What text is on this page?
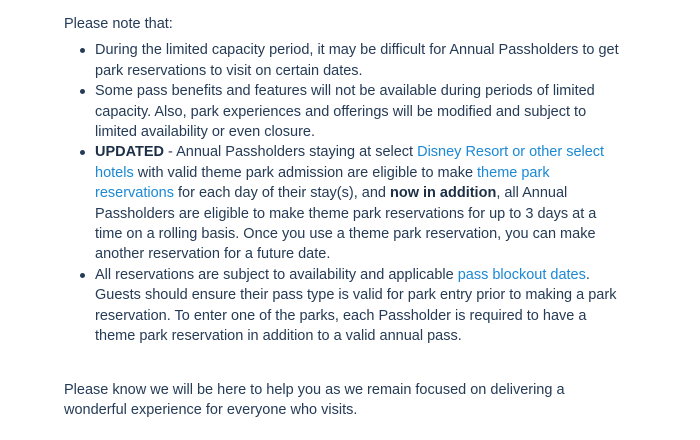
Please note that:

During the limited capacity period, it may be difficult for Annual Passholders to get park reservations to visit on certain dates.
Some pass benefits and features will not be available during periods of limited capacity. Also, park experiences and offerings will be modified and subject to limited availability or even closure.
UPDATED - Annual Passholders staying at select Disney Resort or other select hotels with valid theme park admission are eligible to make theme park reservations for each day of their stay(s), and now in addition, all Annual Passholders are eligible to make theme park reservations for up to 3 days at a time on a rolling basis. Once you use a theme park reservation, you can make another reservation for a future date.
All reservations are subject to availability and applicable pass blockout dates. Guests should ensure their pass type is valid for park entry prior to making a park reservation. To enter one of the parks, each Passholder is required to have a theme park reservation in addition to a valid annual pass.

Please know we will be here to help you as we remain focused on delivering a wonderful experience for everyone who visits.
